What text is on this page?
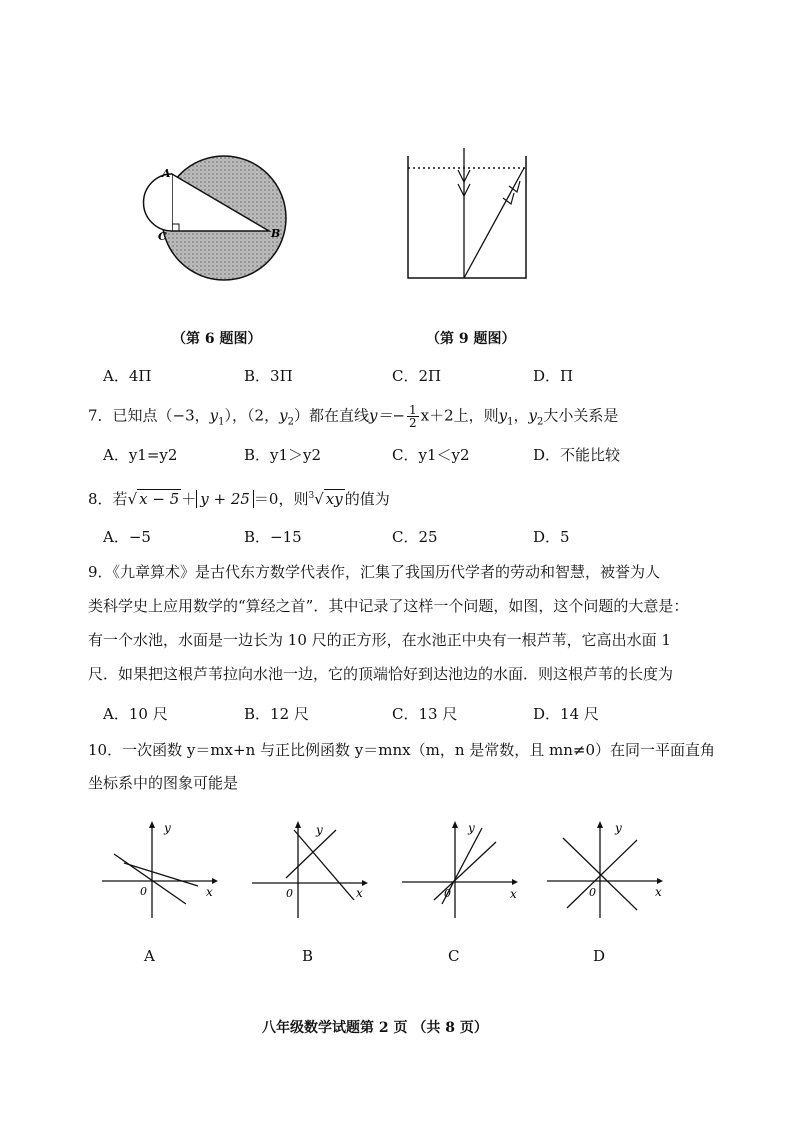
A
C	B
（第 6 题图）	（第 9 题图）
A．4Π	B．3Π	C．2Π	D．Π
7．已知点（−3，$y_1$），（2，$y_2$）都在直线$y=- \frac{1}{2} x+2$上，则$y_1$，$y_2$大小关系是
A．y1=y2	B．y1＞y2	C．y1＜y2	D．不能比较
8．若√ x − 5 ＋ y + 25 ＝0，则$^3$√ xy 的值为
A．−5	B．−15	C．25	D．5
9．《九章算术》是古代东方数学代表作，汇集了我国历代学者的劳动和智慧，被誉为人
类科学史上应用数学的“算经之首”．其中记录了这样一个问题，如图，这个问题的大意是：
有一个水池，水面是一边长为 10 尺的正方形，在水池正中央有一根芦苇，它高出水面 1
尺．如果把这根芦苇拉向水池一边，它的顶端恰好到达池边的水面．则这根芦苇的长度为
A．10 尺	B．12 尺	C．13 尺	D．14 尺
10．一次函数 y＝mx+n 与正比例函数 y＝mnx（m，n 是常数，且 mn≠0）在同一平面直角
坐标系中的图象可能是
y
x
0
y
x
0
y
x
0
y
x
0
A	B	C	D
八年级数学试题第 2 页 （共 8 页）
